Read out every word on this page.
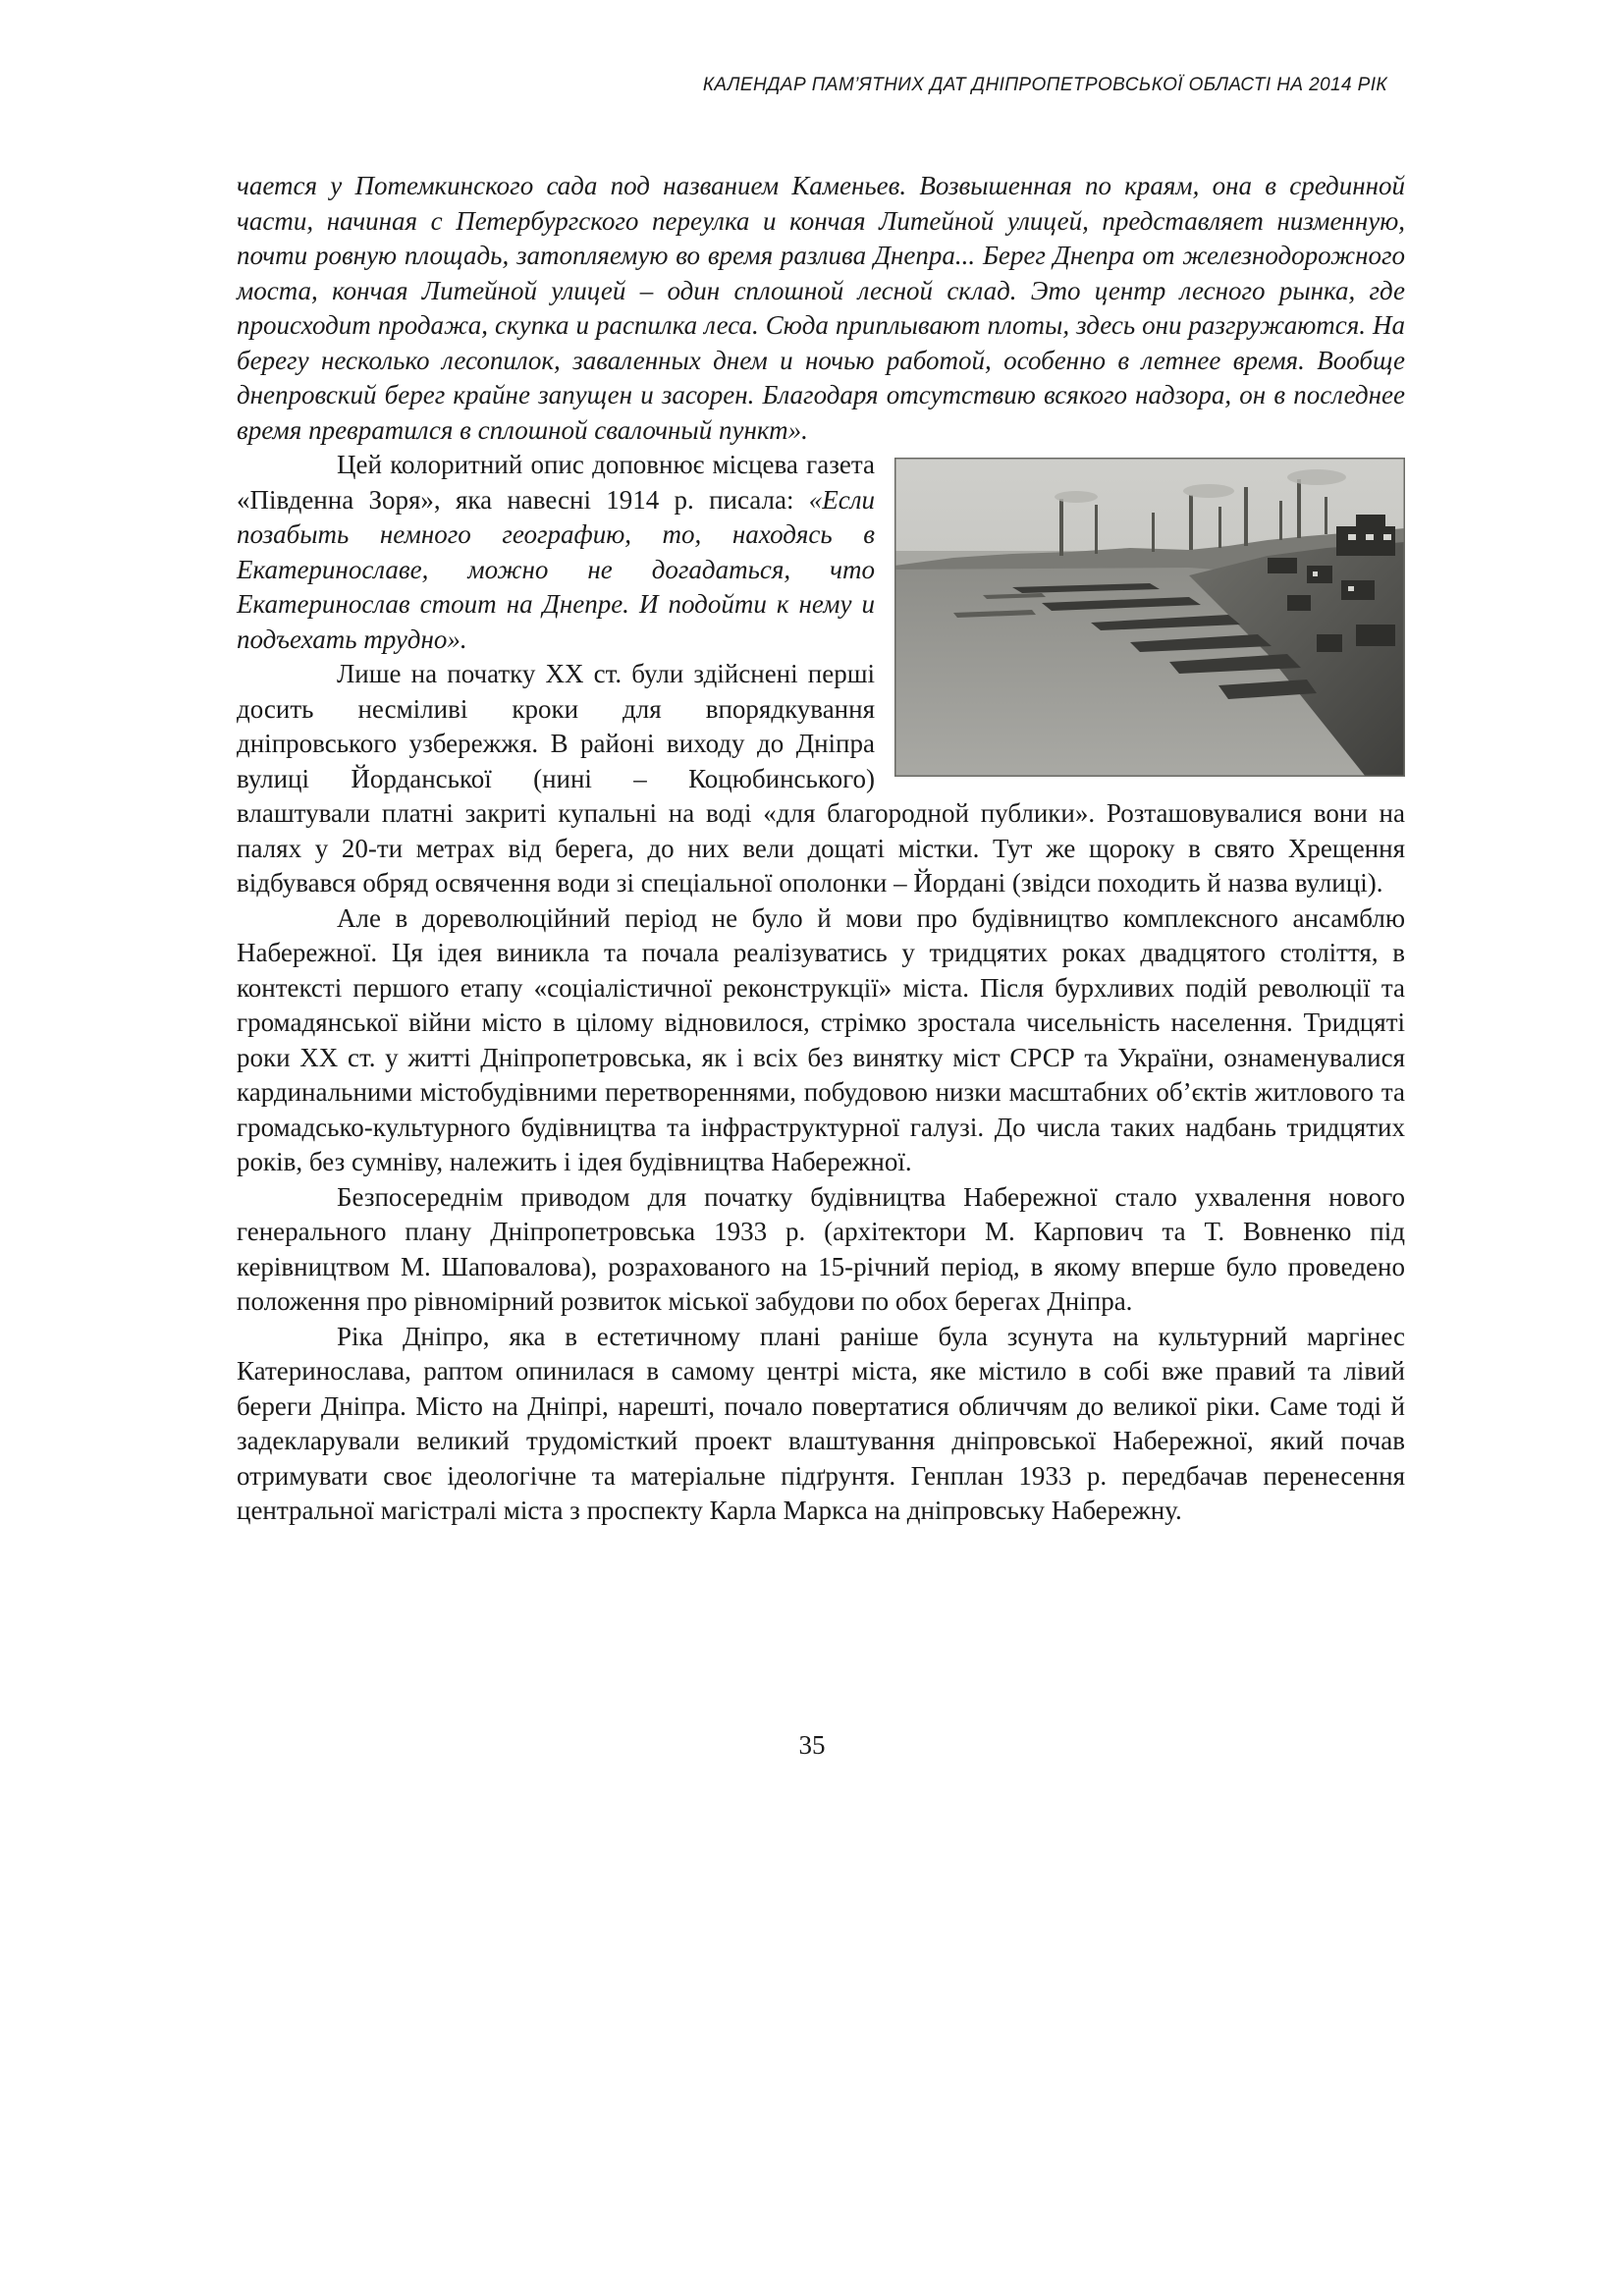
КАЛЕНДАР ПАМ’ЯТНИХ ДАТ ДНІПРОПЕТРОВСЬКОЇ ОБЛАСТІ НА 2014 РІК

чается у Потемкинского сада под названием Каменьев. Возвышенная по краям, она в срединной части, начиная с Петербургского переулка и кончая Литейной улицей, представляет низменную, почти ровную площадь, затопляемую во время разлива Днепра... Берег Днепра от железнодорожного моста, кончая Литейной улицей – один сплошной лесной склад. Это центр лесного рынка, где происходит продажа, скупка и распилка леса. Сюда приплывают плоты, здесь они разгружаются. На берегу несколько лесопилок, заваленных днем и ночью работой, особенно в летнее время. Вообще днепровский берег крайне запущен и засорен. Благодаря отсутствию всякого надзора, он в последнее время превратился в сплошной свалочный пункт».

Цей колоритний опис доповнює місцева газета «Південна Зоря», яка навесні 1914 р. писала: «Если позабыть немного географию, то, находясь в Екатеринославе, можно не догадаться, что Екатеринослав стоит на Днепре. И подойти к нему и подъехать трудно».

Лише на початку ХХ ст. були здійснені перші досить несміливі кроки для впорядкування дніпровського узбережжя. В районі виходу до Дніпра вулиці Йорданської (нині – Коцюбинського) влаштували платні закриті купальні на воді «для благородной публики». Розташовувалися вони на палях у 20-ти метрах від берега, до них вели дощаті містки. Тут же щороку в свято Хрещення відбувався обряд освячення води зі спеціальної ополонки – Йордані (звідси походить й назва вулиці).

Але в дореволюційний період не було й мови про будівництво комплексного ансамблю Набережної. Ця ідея виникла та почала реалізуватись у тридцятих роках двадцятого століття, в контексті першого етапу «соціалістичної реконструкції» міста. Після бурхливих подій революції та громадянської війни місто в цілому відновилося, стрімко зростала чисельність населення. Тридцяті роки ХХ ст. у житті Дніпропетровська, як і всіх без винятку міст СРСР та України, ознаменувалися кардинальними містобудівними перетвореннями, побудовою низки масштабних об’єктів житлового та громадсько-культурного будівництва та інфраструктурної галузі. До числа таких надбань тридцятих років, без сумніву, належить і ідея будівництва Набережної.

Безпосереднім приводом для початку будівництва Набережної стало ухвалення нового генерального плану Дніпропетровська 1933 р. (архітектори М. Карпович та Т. Вовненко під керівництвом М. Шаповалова), розрахованого на 15-річний період, в якому вперше було проведено положення про рівномірний розвиток міської забудови по обох берегах Дніпра.

Ріка Дніпро, яка в естетичному плані раніше була зсунута на культурний маргінес Катеринослава, раптом опинилася в самому центрі міста, яке містило в собі вже правий та лівий береги Дніпра. Місто на Дніпрі, нарешті, почало повертатися обличчям до великої ріки. Саме тоді й задекларували великий трудомісткий проект влаштування дніпровської Набережної, який почав отримувати своє ідеологічне та матеріальне підґрунтя. Генплан 1933 р. передбачав перенесення центральної магістралі міста з проспекту Карла Маркса на дніпровську Набережну.

35
